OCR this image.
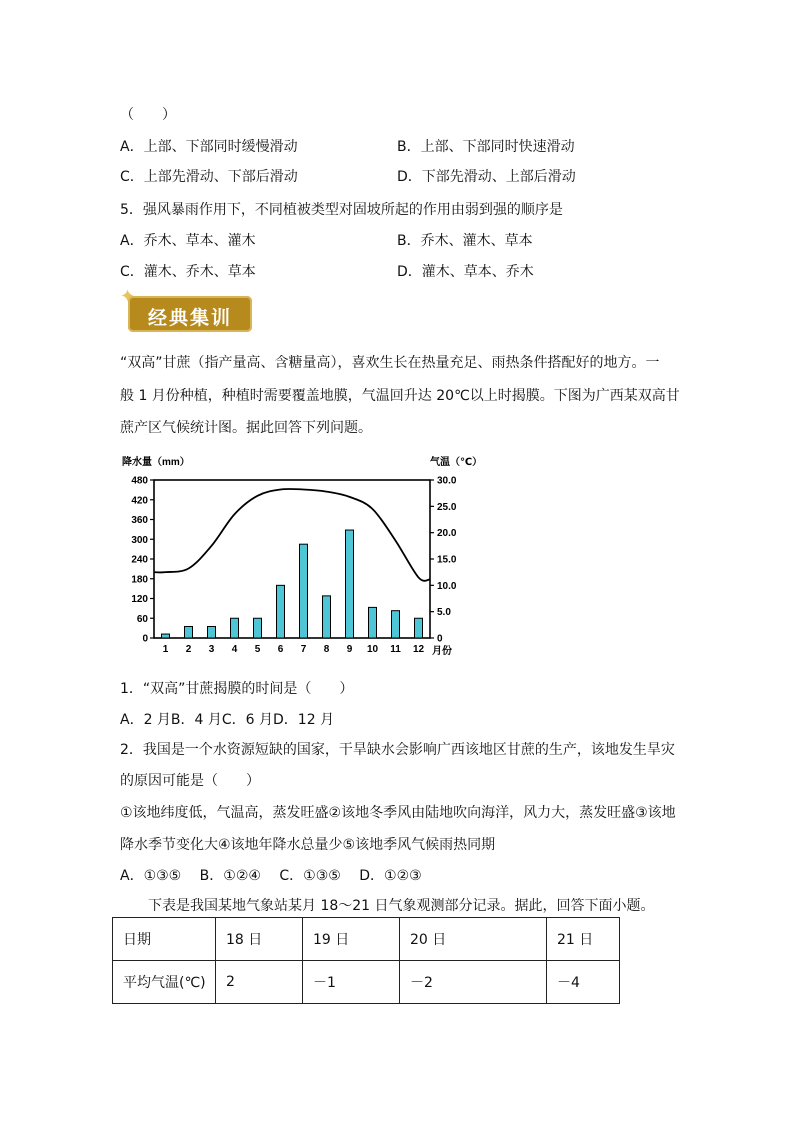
（　　）
A．上部、下部同时缓慢滑动	B．上部、下部同时快速滑动
C．上部先滑动、下部后滑动	D．下部先滑动、上部后滑动
5．强风暴雨作用下，不同植被类型对固坡所起的作用由弱到强的顺序是
A．乔木、草本、灌木	B．乔木、灌木、草本
C．灌木、乔木、草本	D．灌木、草本、乔木
经典集训
✦
“双高”甘蔗（指产量高、含糖量高），喜欢生长在热量充足、雨热条件搭配好的地方。一
般 1 月份种植，种植时需要覆盖地膜，气温回升达 20℃以上时揭膜。下图为广西某双高甘
蔗产区气候统计图。据此回答下列问题。
0
60
120
180
240
300
360
420
480
0
5.0
10.0
15.0
20.0
25.0
30.0
降水量（mm）	气温（℃）
月份
1 2 3 4 5 6 7 8 9 10 11 12
1．“双高”甘蔗揭膜的时间是（　　）
A．2 月B．4 月C．6 月D．12 月
2．我国是一个水资源短缺的国家，干旱缺水会影响广西该地区甘蔗的生产，该地发生旱灾
的原因可能是（　　）
①该地纬度低，气温高，蒸发旺盛②该地冬季风由陆地吹向海洋，风力大，蒸发旺盛③该地
降水季节变化大④该地年降水总量少⑤该地季风气候雨热同期
A．①③⑤　 B．①②④　 C．①③⑤　 D．①②③
下表是我国某地气象站某月 18～21 日气象观测部分记录。据此，回答下面小题。
日期	18 日	19 日	20 日	21 日
平均气温(℃)	2	－1	－2	－4
